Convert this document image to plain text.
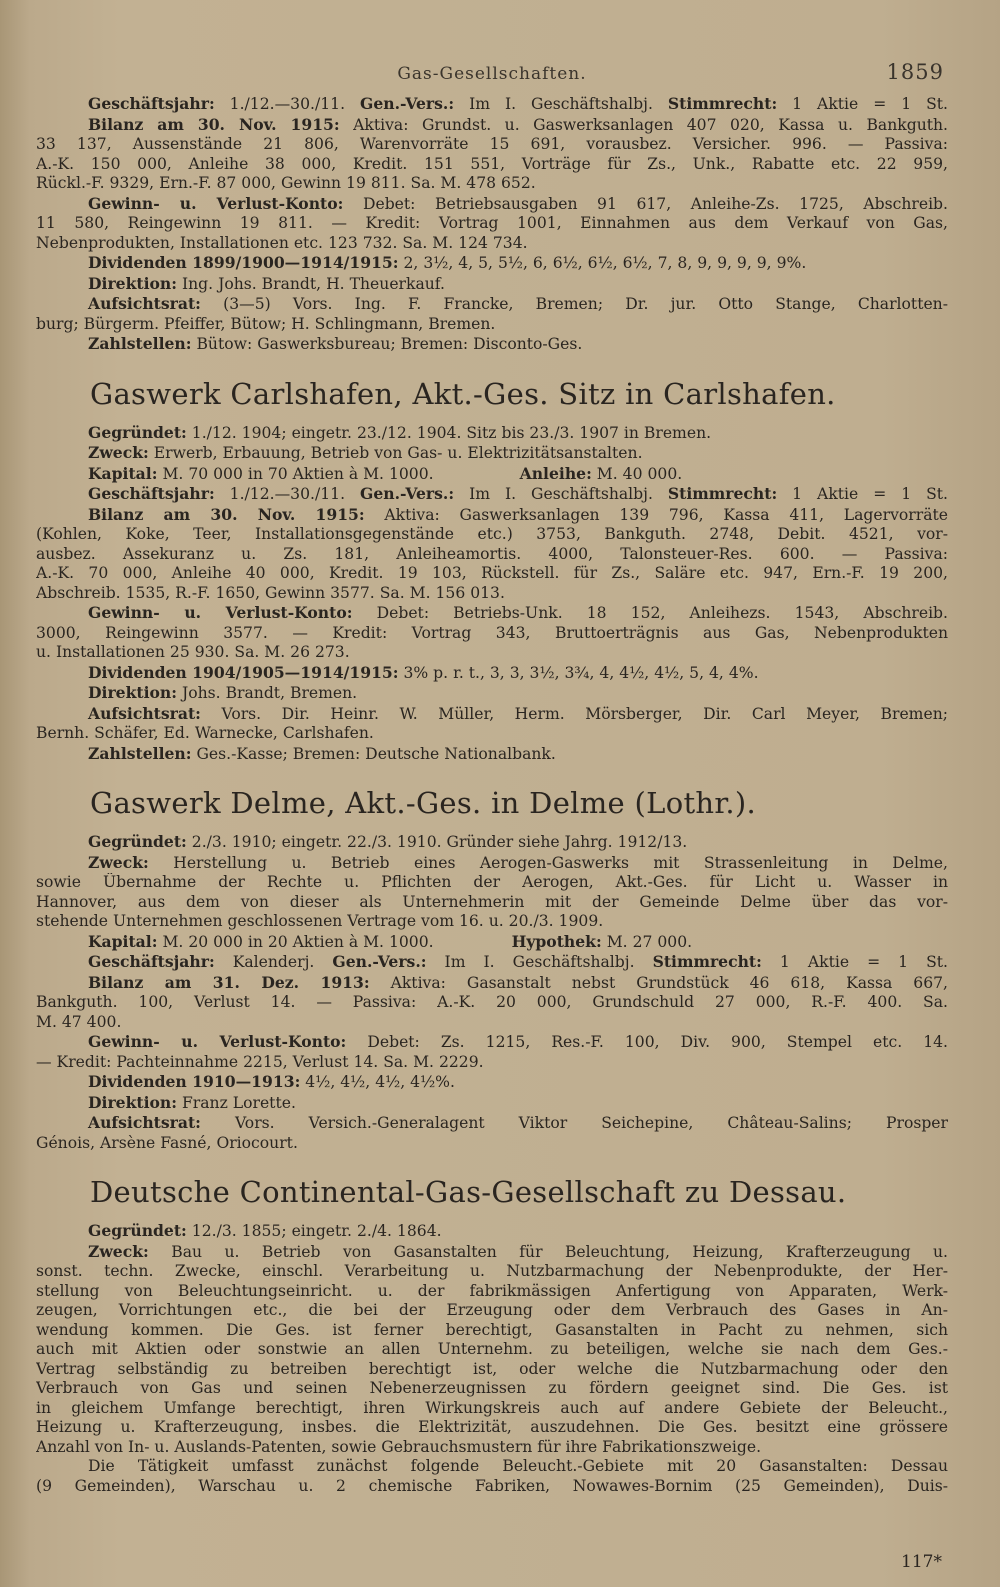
Gas-Gesellschaften.	1859

Geschäftsjahr: 1./12.—30./11. Gen.-Vers.: Im I. Geschäftshalbj. Stimmrecht: 1 Aktie = 1 St.

Bilanz am 30. Nov. 1915: Aktiva: Grundst. u. Gaswerksanlagen 407 020, Kassa u. Bankguth.

33 137, Aussenstände 21 806, Warenvorräte 15 691, vorausbez. Versicher. 996. — Passiva:

A.-K. 150 000, Anleihe 38 000, Kredit. 151 551, Vorträge für Zs., Unk., Rabatte etc. 22 959,

Rückl.-F. 9329, Ern.-F. 87 000, Gewinn 19 811. Sa. M. 478 652.

Gewinn- u. Verlust-Konto: Debet: Betriebsausgaben 91 617, Anleihe-Zs. 1725, Abschreib.

11 580, Reingewinn 19 811. — Kredit: Vortrag 1001, Einnahmen aus dem Verkauf von Gas,

Nebenprodukten, Installationen etc. 123 732. Sa. M. 124 734.

Dividenden 1899/1900—1914/1915: 2, 3½, 4, 5, 5½, 6, 6½, 6½, 6½, 7, 8, 9, 9, 9, 9, 9%.

Direktion: Ing. Johs. Brandt, H. Theuerkauf.

Aufsichtsrat: (3—5) Vors. Ing. F. Francke, Bremen; Dr. jur. Otto Stange, Charlotten-

burg; Bürgerm. Pfeiffer, Bütow; H. Schlingmann, Bremen.

Zahlstellen: Bütow: Gaswerksbureau; Bremen: Disconto-Ges.

Gaswerk Carlshafen, Akt.-Ges. Sitz in Carlshafen.

Gegründet: 1./12. 1904; eingetr. 23./12. 1904. Sitz bis 23./3. 1907 in Bremen.

Zweck: Erwerb, Erbauung, Betrieb von Gas- u. Elektrizitätsanstalten.

Kapital: M. 70 000 in 70 Aktien à M. 1000.	Anleihe: M. 40 000.

Geschäftsjahr: 1./12.—30./11. Gen.-Vers.: Im I. Geschäftshalbj. Stimmrecht: 1 Aktie = 1 St.

Bilanz am 30. Nov. 1915: Aktiva: Gaswerksanlagen 139 796, Kassa 411, Lagervorräte

(Kohlen, Koke, Teer, Installationsgegenstände etc.) 3753, Bankguth. 2748, Debit. 4521, vor-

ausbez. Assekuranz u. Zs. 181, Anleiheamortis. 4000, Talonsteuer-Res. 600. — Passiva:

A.-K. 70 000, Anleihe 40 000, Kredit. 19 103, Rückstell. für Zs., Saläre etc. 947, Ern.-F. 19 200,

Abschreib. 1535, R.-F. 1650, Gewinn 3577. Sa. M. 156 013.

Gewinn- u. Verlust-Konto: Debet: Betriebs-Unk. 18 152, Anleihezs. 1543, Abschreib.

3000, Reingewinn 3577. — Kredit: Vortrag 343, Bruttoerträgnis aus Gas, Nebenprodukten

u. Installationen 25 930. Sa. M. 26 273.

Dividenden 1904/1905—1914/1915: 3% p. r. t., 3, 3, 3½, 3¾, 4, 4½, 4½, 5, 4, 4%.

Direktion: Johs. Brandt, Bremen.

Aufsichtsrat: Vors. Dir. Heinr. W. Müller, Herm. Mörsberger, Dir. Carl Meyer, Bremen;

Bernh. Schäfer, Ed. Warnecke, Carlshafen.

Zahlstellen: Ges.-Kasse; Bremen: Deutsche Nationalbank.

Gaswerk Delme, Akt.-Ges. in Delme (Lothr.).

Gegründet: 2./3. 1910; eingetr. 22./3. 1910. Gründer siehe Jahrg. 1912/13.

Zweck: Herstellung u. Betrieb eines Aerogen-Gaswerks mit Strassenleitung in Delme,

sowie Übernahme der Rechte u. Pflichten der Aerogen, Akt.-Ges. für Licht u. Wasser in

Hannover, aus dem von dieser als Unternehmerin mit der Gemeinde Delme über das vor-

stehende Unternehmen geschlossenen Vertrage vom 16. u. 20./3. 1909.

Kapital: M. 20 000 in 20 Aktien à M. 1000.	Hypothek: M. 27 000.

Geschäftsjahr: Kalenderj. Gen.-Vers.: Im I. Geschäftshalbj. Stimmrecht: 1 Aktie = 1 St.

Bilanz am 31. Dez. 1913: Aktiva: Gasanstalt nebst Grundstück 46 618, Kassa 667,

Bankguth. 100, Verlust 14. — Passiva: A.-K. 20 000, Grundschuld 27 000, R.-F. 400. Sa.

M. 47 400.

Gewinn- u. Verlust-Konto: Debet: Zs. 1215, Res.-F. 100, Div. 900, Stempel etc. 14.

— Kredit: Pachteinnahme 2215, Verlust 14. Sa. M. 2229.

Dividenden 1910—1913: 4½, 4½, 4½, 4½%.

Direktion: Franz Lorette.

Aufsichtsrat: Vors. Versich.-Generalagent Viktor Seichepine, Château-Salins; Prosper

Génois, Arsène Fasné, Oriocourt.

Deutsche Continental-Gas-Gesellschaft zu Dessau.

Gegründet: 12./3. 1855; eingetr. 2./4. 1864.

Zweck: Bau u. Betrieb von Gasanstalten für Beleuchtung, Heizung, Krafterzeugung u.

sonst. techn. Zwecke, einschl. Verarbeitung u. Nutzbarmachung der Nebenprodukte, der Her-

stellung von Beleuchtungseinricht. u. der fabrikmässigen Anfertigung von Apparaten, Werk-

zeugen, Vorrichtungen etc., die bei der Erzeugung oder dem Verbrauch des Gases in An-

wendung kommen. Die Ges. ist ferner berechtigt, Gasanstalten in Pacht zu nehmen, sich

auch mit Aktien oder sonstwie an allen Unternehm. zu beteiligen, welche sie nach dem Ges.-

Vertrag selbständig zu betreiben berechtigt ist, oder welche die Nutzbarmachung oder den

Verbrauch von Gas und seinen Nebenerzeugnissen zu fördern geeignet sind. Die Ges. ist

in gleichem Umfange berechtigt, ihren Wirkungskreis auch auf andere Gebiete der Beleucht.,

Heizung u. Krafterzeugung, insbes. die Elektrizität, auszudehnen. Die Ges. besitzt eine grössere

Anzahl von In- u. Auslands-Patenten, sowie Gebrauchsmustern für ihre Fabrikationszweige.

Die Tätigkeit umfasst zunächst folgende Beleucht.-Gebiete mit 20 Gasanstalten: Dessau

(9 Gemeinden), Warschau u. 2 chemische Fabriken, Nowawes-Bornim (25 Gemeinden), Duis-

117*
